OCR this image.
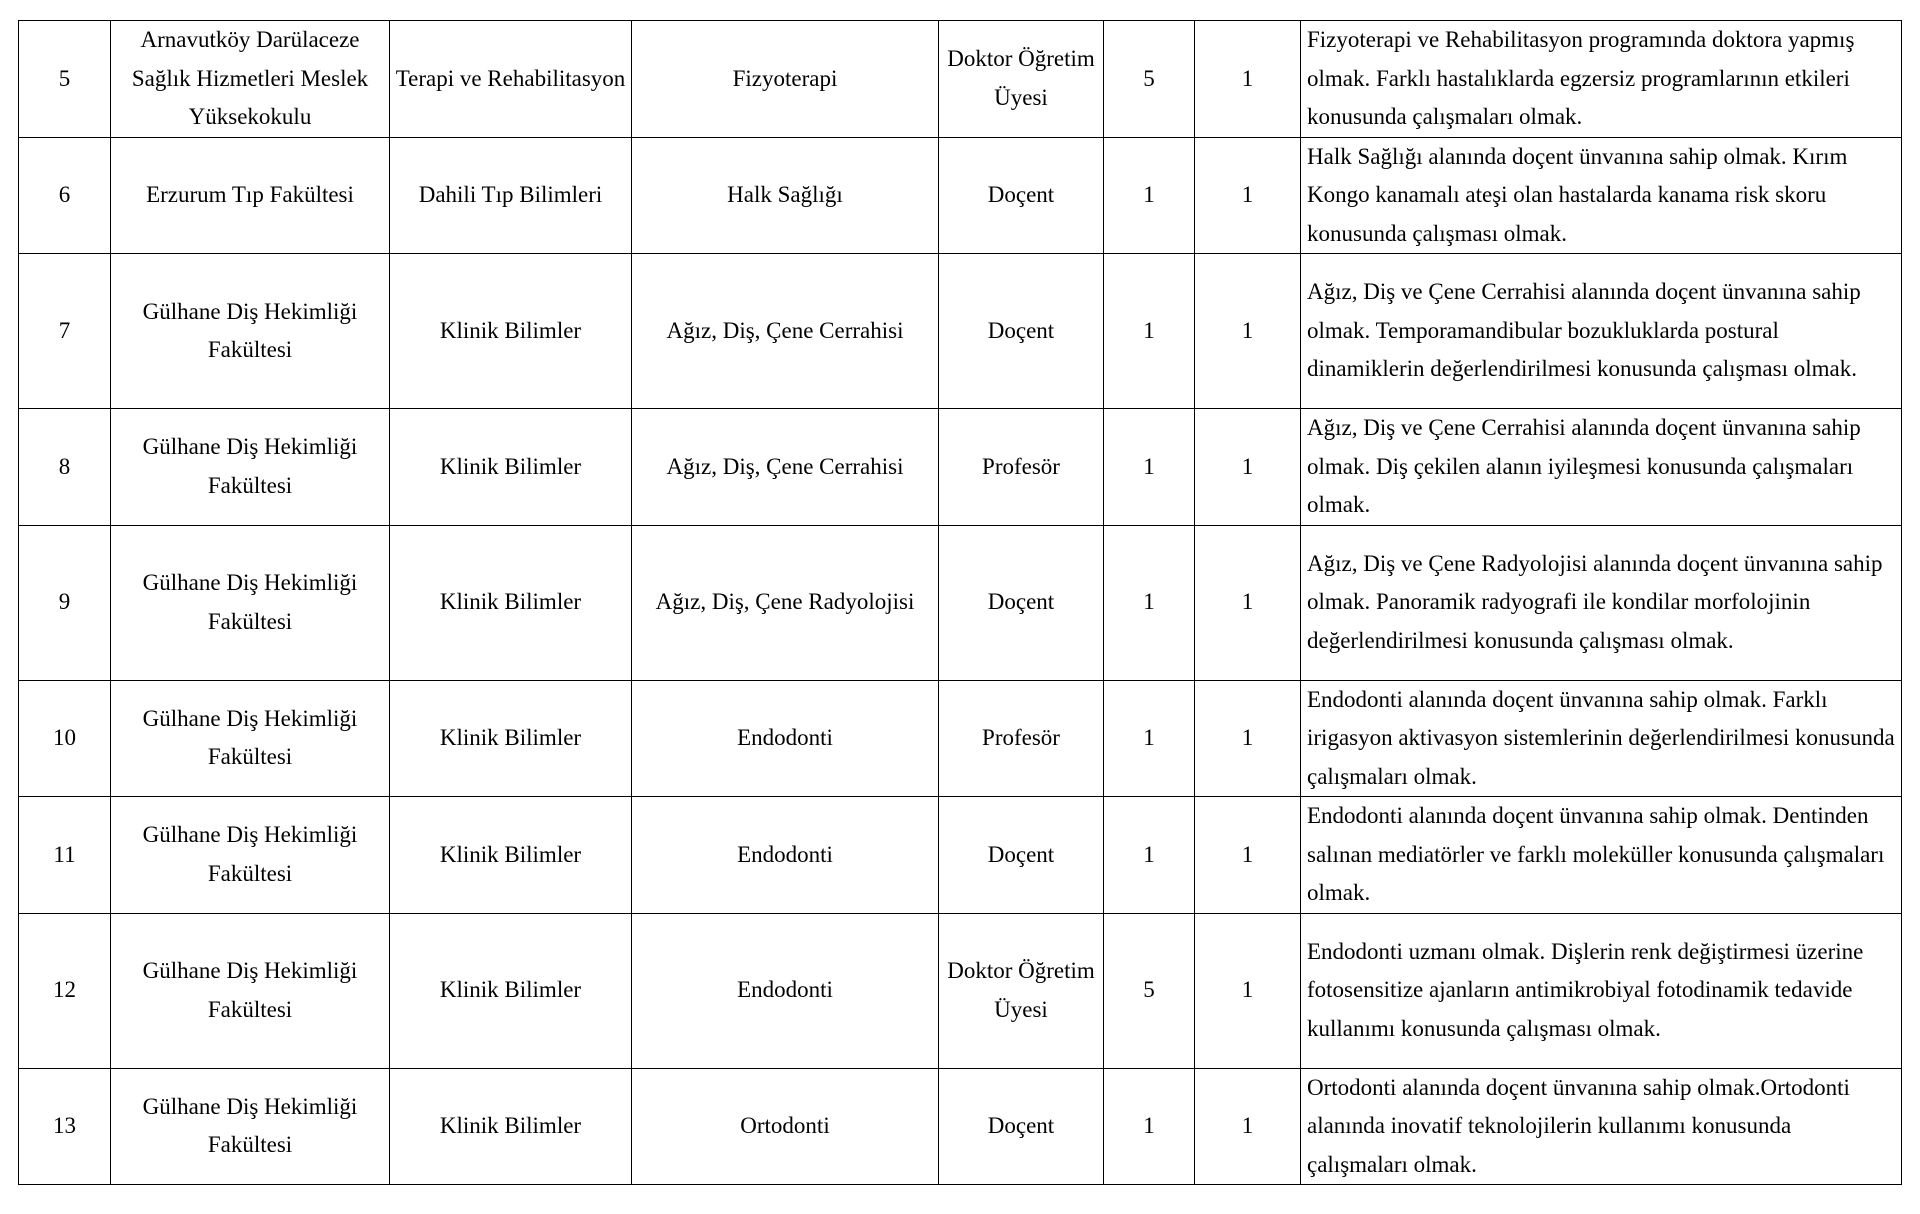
5	Arnavutköy Darülaceze Sağlık Hizmetleri Meslek Yüksekokulu	Terapi ve Rehabilitasyon	Fizyoterapi	Doktor Öğretim Üyesi	5	1	Fizyoterapi ve Rehabilitasyon programında doktora yapmış olmak. Farklı hastalıklarda egzersiz programlarının etkileri konusunda çalışmaları olmak.
6	Erzurum Tıp Fakültesi	Dahili Tıp Bilimleri	Halk Sağlığı	Doçent	1	1	Halk Sağlığı alanında doçent ünvanına sahip olmak. Kırım Kongo kanamalı ateşi olan hastalarda kanama risk skoru konusunda çalışması olmak.
7	Gülhane Diş Hekimliği Fakültesi	Klinik Bilimler	Ağız, Diş, Çene Cerrahisi	Doçent	1	1	Ağız, Diş ve Çene Cerrahisi alanında doçent ünvanına sahip olmak. Temporamandibular bozukluklarda postural dinamiklerin değerlendirilmesi konusunda çalışması olmak.
8	Gülhane Diş Hekimliği Fakültesi	Klinik Bilimler	Ağız, Diş, Çene Cerrahisi	Profesör	1	1	Ağız, Diş ve Çene Cerrahisi alanında doçent ünvanına sahip olmak. Diş çekilen alanın iyileşmesi konusunda çalışmaları olmak.
9	Gülhane Diş Hekimliği Fakültesi	Klinik Bilimler	Ağız, Diş, Çene Radyolojisi	Doçent	1	1	Ağız, Diş ve Çene Radyolojisi alanında doçent ünvanına sahip olmak. Panoramik radyografi ile kondilar morfolojinin değerlendirilmesi konusunda çalışması olmak.
10	Gülhane Diş Hekimliği Fakültesi	Klinik Bilimler	Endodonti	Profesör	1	1	Endodonti alanında doçent ünvanına sahip olmak. Farklı irigasyon aktivasyon sistemlerinin değerlendirilmesi konusunda çalışmaları olmak.
11	Gülhane Diş Hekimliği Fakültesi	Klinik Bilimler	Endodonti	Doçent	1	1	Endodonti alanında doçent ünvanına sahip olmak. Dentinden salınan mediatörler ve farklı moleküller konusunda çalışmaları olmak.
12	Gülhane Diş Hekimliği Fakültesi	Klinik Bilimler	Endodonti	Doktor Öğretim Üyesi	5	1	Endodonti uzmanı olmak. Dişlerin renk değiştirmesi üzerine fotosensitize ajanların antimikrobiyal fotodinamik tedavide kullanımı konusunda çalışması olmak.
13	Gülhane Diş Hekimliği Fakültesi	Klinik Bilimler	Ortodonti	Doçent	1	1	Ortodonti alanında doçent ünvanına sahip olmak.Ortodonti alanında inovatif teknolojilerin kullanımı konusunda çalışmaları olmak.
